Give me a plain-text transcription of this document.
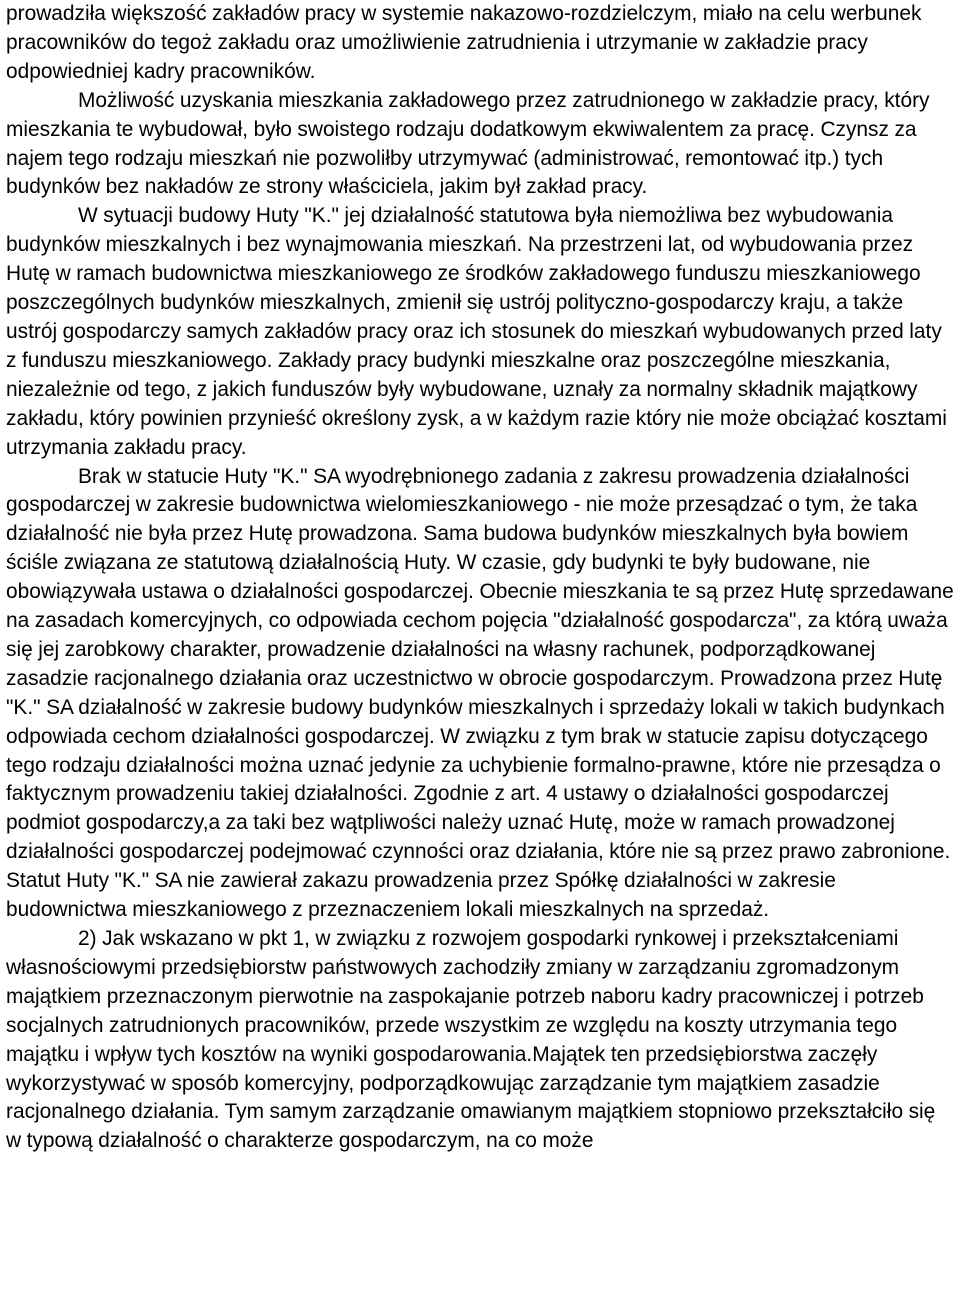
prowadziła większość zakładów pracy w systemie nakazowo-rozdzielczym, miało na celu werbunek pracowników do tegoż zakładu oraz umożliwienie zatrudnienia i utrzymanie w zakładzie pracy odpowiedniej kadry pracowników.

Możliwość uzyskania mieszkania zakładowego przez zatrudnionego w zakładzie pracy, który mieszkania te wybudował, było swoistego rodzaju dodatkowym ekwiwalentem za pracę. Czynsz za najem tego rodzaju mieszkań nie pozwoliłby utrzymywać (administrować, remontować itp.) tych budynków bez nakładów ze strony właściciela, jakim był zakład pracy.

W sytuacji budowy Huty "K." jej działalność statutowa była niemożliwa bez wybudowania budynków mieszkalnych i bez wynajmowania mieszkań. Na przestrzeni lat, od wybudowania przez Hutę w ramach budownictwa mieszkaniowego ze środków zakładowego funduszu mieszkaniowego poszczególnych budynków mieszkalnych, zmienił się ustrój polityczno-gospodarczy kraju, a także ustrój gospodarczy samych zakładów pracy oraz ich stosunek do mieszkań wybudowanych przed laty z funduszu mieszkaniowego. Zakłady pracy budynki mieszkalne oraz poszczególne mieszkania, niezależnie od tego, z jakich funduszów były wybudowane, uznały za normalny składnik majątkowy zakładu, który powinien przynieść określony zysk, a w każdym razie który nie może obciążać kosztami utrzymania zakładu pracy.

Brak w statucie Huty "K." SA wyodrębnionego zadania z zakresu prowadzenia działalności gospodarczej w zakresie budownictwa wielomieszkaniowego - nie może przesądzać o tym, że taka działalność nie była przez Hutę prowadzona. Sama budowa budynków mieszkalnych była bowiem ściśle związana ze statutową działalnością Huty. W czasie, gdy budynki te były budowane, nie obowiązywała ustawa o działalności gospodarczej. Obecnie mieszkania te są przez Hutę sprzedawane na zasadach komercyjnych, co odpowiada cechom pojęcia "działalność gospodarcza", za którą uważa się jej zarobkowy charakter, prowadzenie działalności na własny rachunek, podporządkowanej zasadzie racjonalnego działania oraz uczestnictwo w obrocie gospodarczym. Prowadzona przez Hutę "K." SA działalność w zakresie budowy budynków mieszkalnych i sprzedaży lokali w takich budynkach odpowiada cechom działalności gospodarczej. W związku z tym brak w statucie zapisu dotyczącego tego rodzaju działalności można uznać jedynie za uchybienie formalno-prawne, które nie przesądza o faktycznym prowadzeniu takiej działalności. Zgodnie z art. 4 ustawy o działalności gospodarczej podmiot gospodarczy,a za taki bez wątpliwości należy uznać Hutę, może w ramach prowadzonej działalności gospodarczej podejmować czynności oraz działania, które nie są przez prawo zabronione. Statut Huty "K." SA nie zawierał zakazu prowadzenia przez Spółkę działalności w zakresie budownictwa mieszkaniowego z przeznaczeniem lokali mieszkalnych na sprzedaż.

2) Jak wskazano w pkt 1, w związku z rozwojem gospodarki rynkowej i przekształceniami własnościowymi przedsiębiorstw państwowych zachodziły zmiany w zarządzaniu zgromadzonym majątkiem przeznaczonym pierwotnie na zaspokajanie potrzeb naboru kadry pracowniczej i potrzeb socjalnych zatrudnionych pracowników, przede wszystkim ze względu na koszty utrzymania tego majątku i wpływ tych kosztów na wyniki gospodarowania.Majątek ten przedsiębiorstwa zaczęły wykorzystywać w sposób komercyjny, podporządkowując zarządzanie tym majątkiem zasadzie racjonalnego działania. Tym samym zarządzanie omawianym majątkiem stopniowo przekształciło się w typową działalność o charakterze gospodarczym, na co może
